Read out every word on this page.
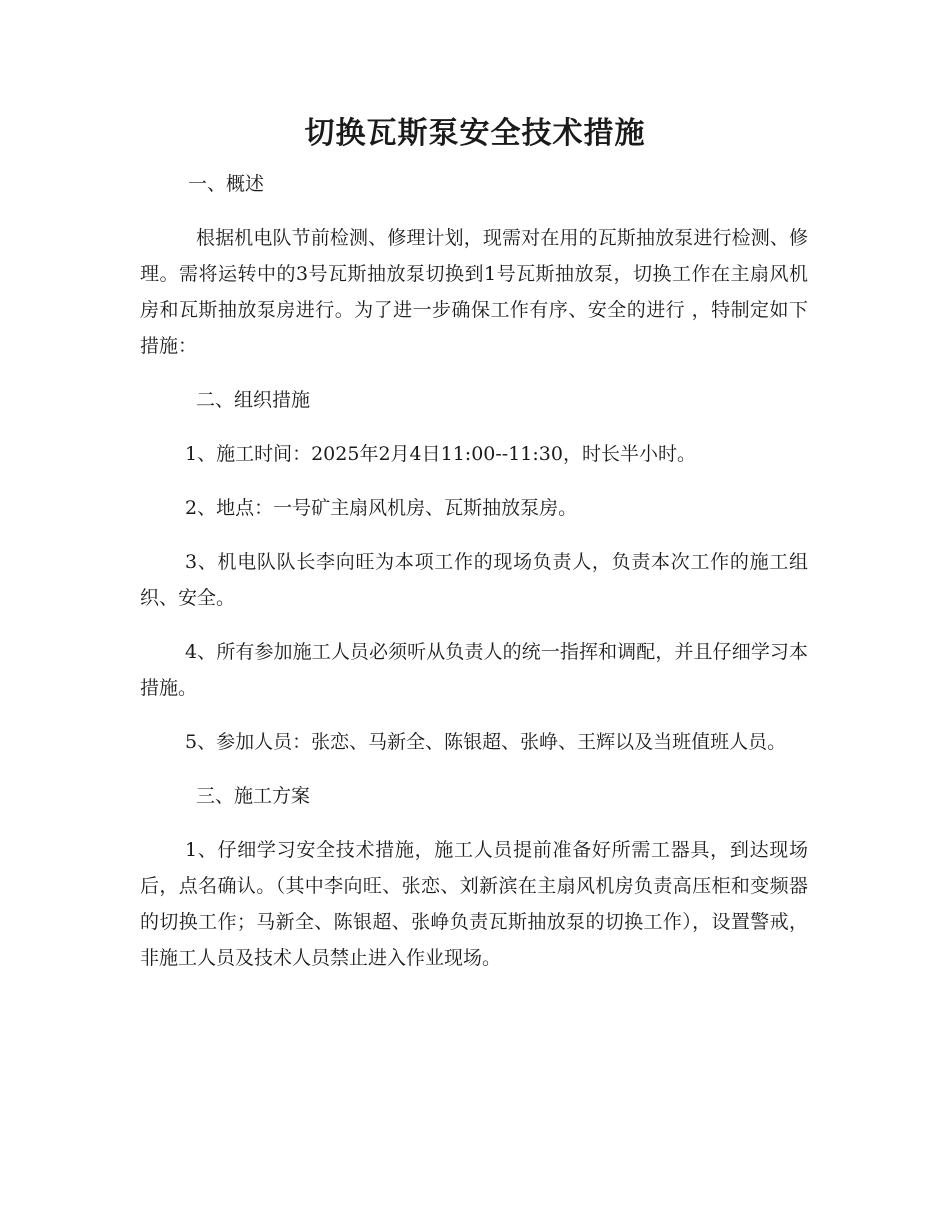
切换瓦斯泵安全技术措施

一、概述

根据机电队节前检测、修理计划，现需对在用的瓦斯抽放泵进行检测、修理。需将运转中的3号瓦斯抽放泵切换到1号瓦斯抽放泵，切换工作在主扇风机房和瓦斯抽放泵房进行。为了进一步确保工作有序、安全的进行 ，特制定如下措施：

二、组织措施

1、施工时间：2025年2月4日11:00--11:30，时长半小时。

2、地点：一号矿主扇风机房、瓦斯抽放泵房。

3、机电队队长李向旺为本项工作的现场负责人，负责本次工作的施工组织、安全。

4、所有参加施工人员必须听从负责人的统一指挥和调配，并且仔细学习本措施。

5、参加人员：张恋、马新全、陈银超、张峥、王辉以及当班值班人员。

三、施工方案

1、仔细学习安全技术措施，施工人员提前准备好所需工器具，到达现场后，点名确认。（其中李向旺、张恋、刘新滨在主扇风机房负责高压柜和变频器的切换工作；马新全、陈银超、张峥负责瓦斯抽放泵的切换工作），设置警戒，非施工人员及技术人员禁止进入作业现场。
